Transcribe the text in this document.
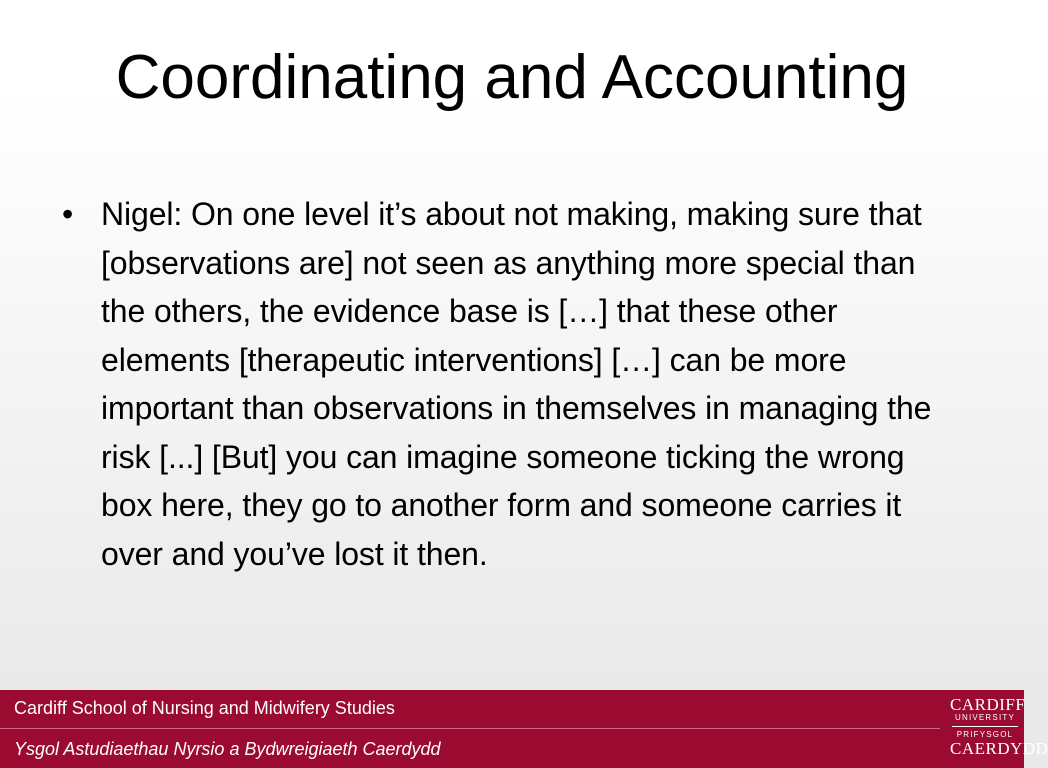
Coordinating and Accounting
• Nigel: On one level it’s about not making, making sure that [observations are] not seen as anything more special than the others, the evidence base is […] that these other elements [therapeutic interventions] […] can be more important than observations in themselves in managing the risk [...] [But] you can imagine someone ticking the wrong box here, they go to another form and someone carries it over and you’ve lost it then.
Cardiff School of Nursing and Midwifery Studies
Ysgol Astudiaethau Nyrsio a Bydwreigiaeth Caerdydd
CARDIFF
UNIVERSITY
PRIFYSGOL
CAERDYDD
